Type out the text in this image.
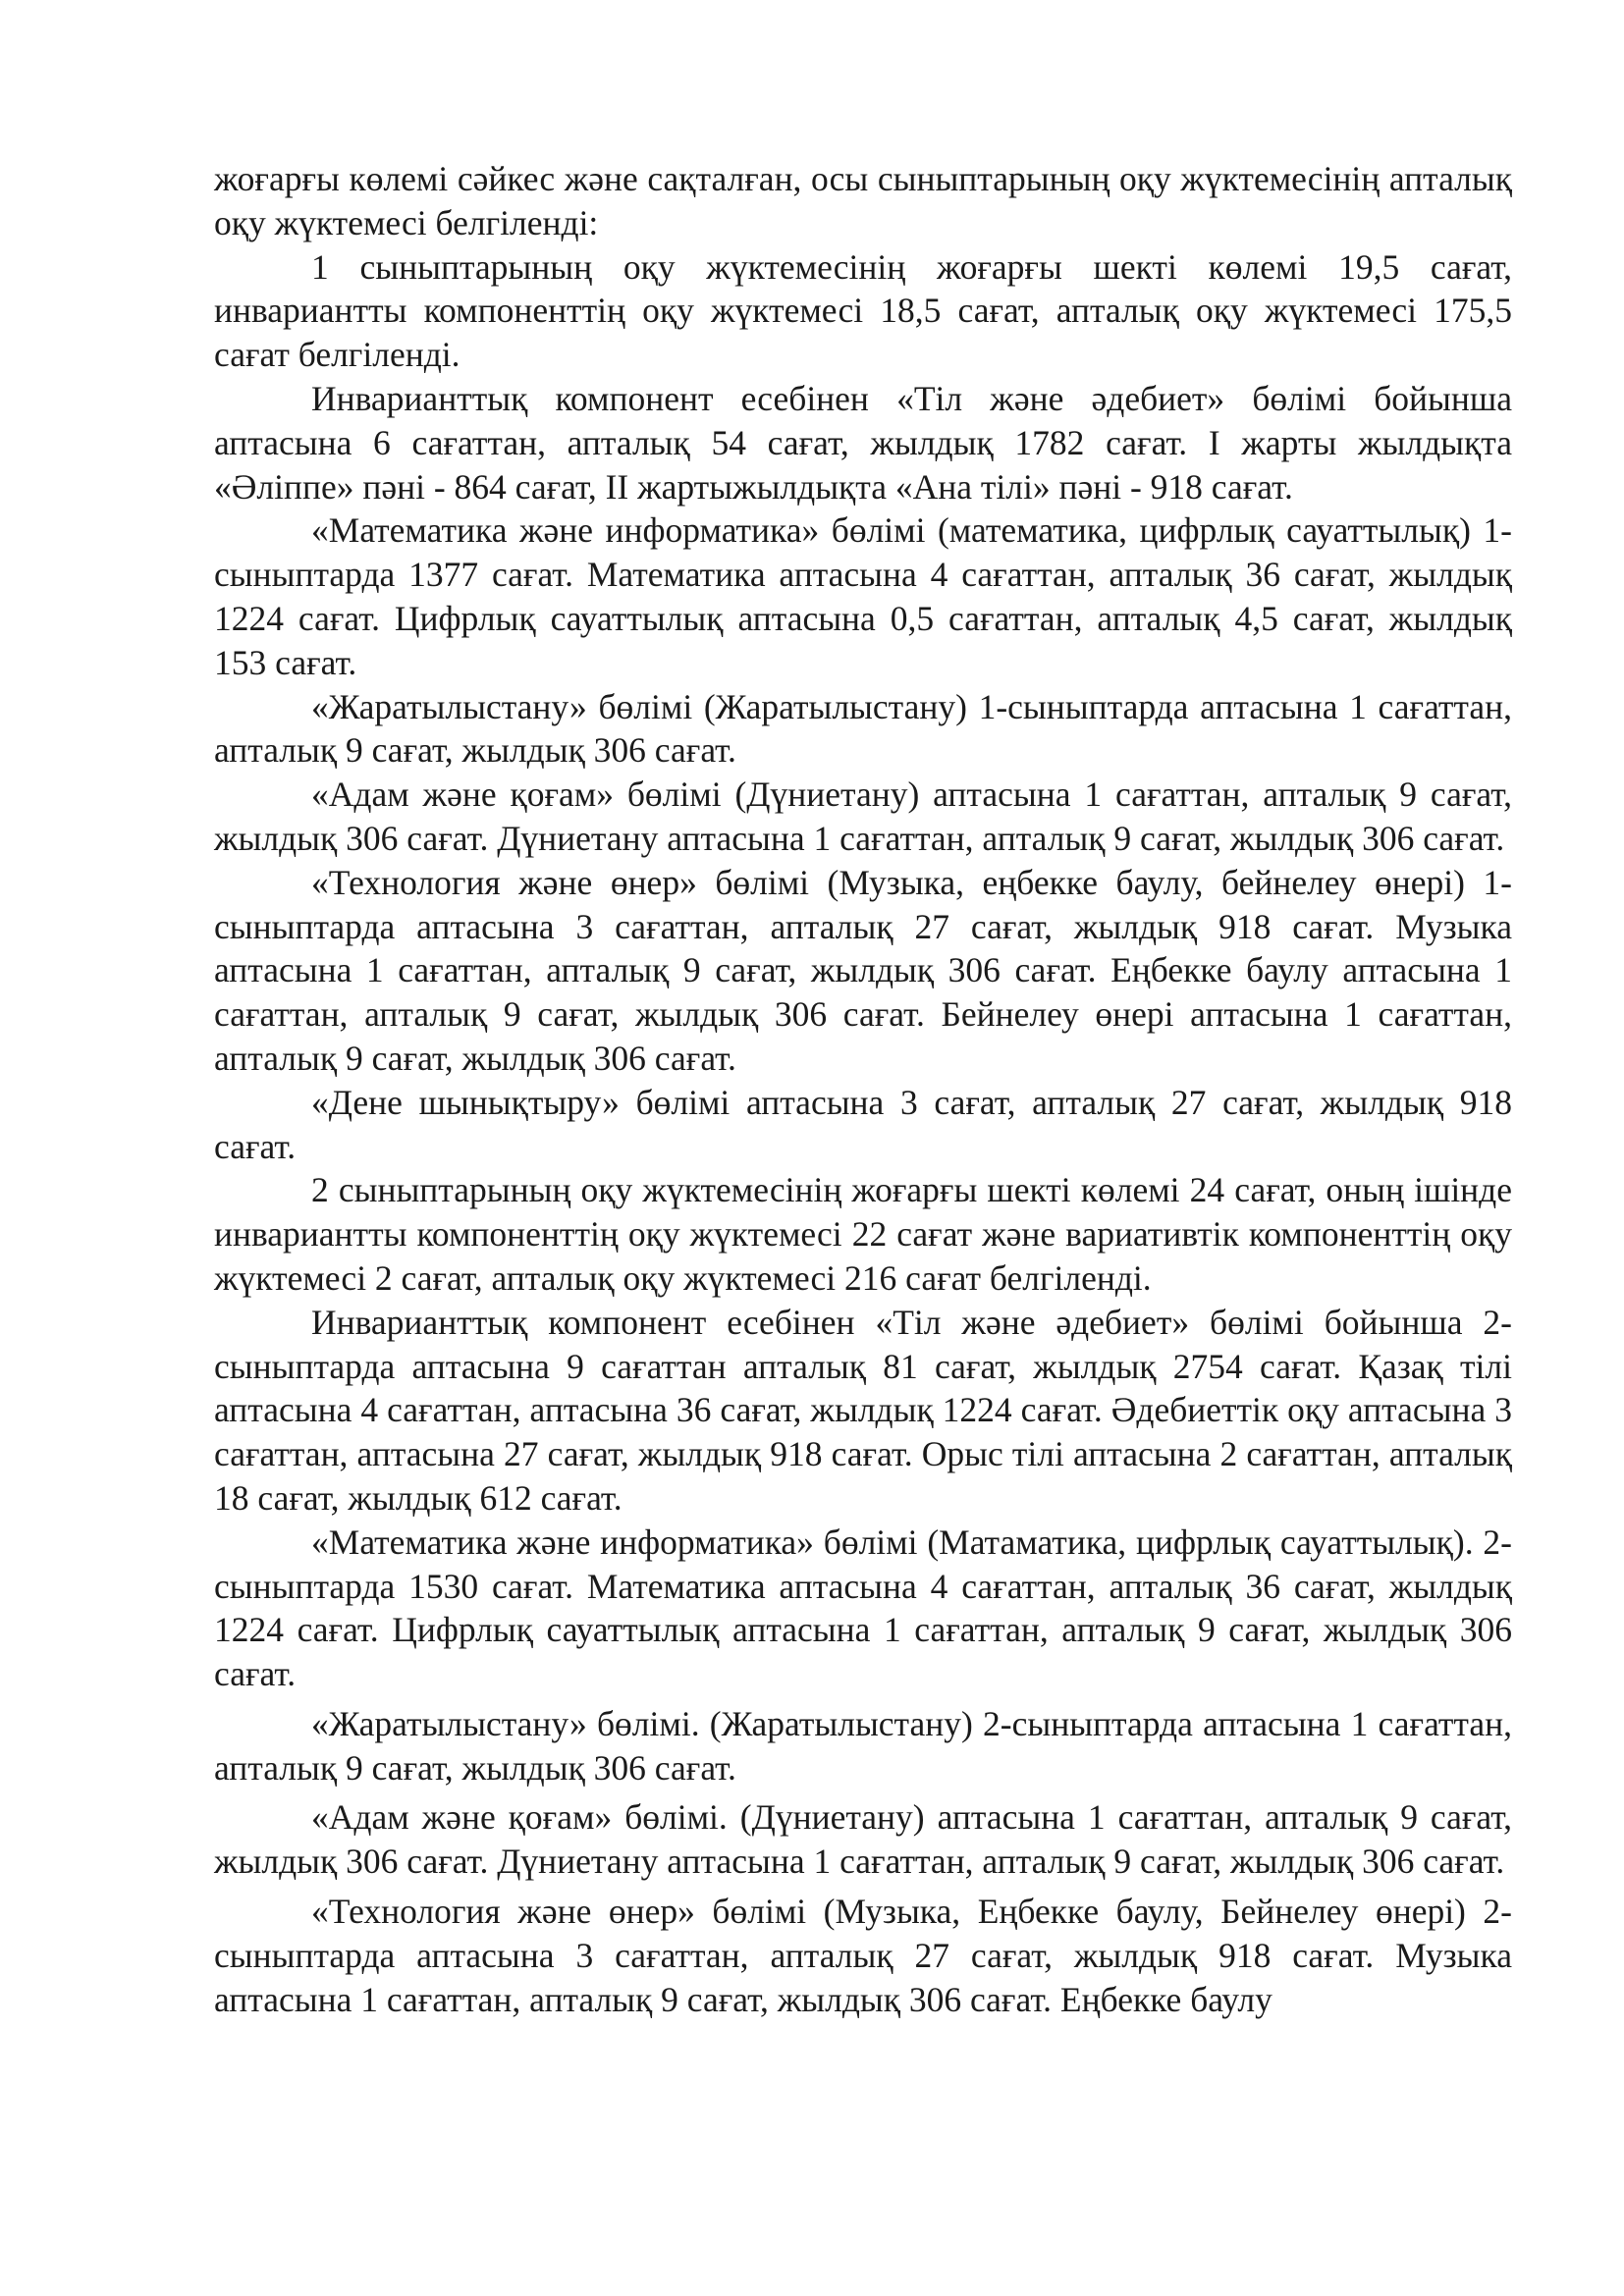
жоғарғы көлемі сәйкес және сақталған, осы сыныптарының оқу жүктемесінің апталық оқу жүктемесі белгіленді:

1 сыныптарының оқу жүктемесінің жоғарғы шекті көлемі 19,5 сағат, инвариантты компоненттің оқу жүктемесі 18,5 сағат, апталық оқу жүктемесі 175,5 сағат белгіленді.

Инварианттық компонент есебінен «Тіл және әдебиет» бөлімі бойынша аптасына 6 сағаттан, апталық 54 сағат, жылдық 1782 сағат. І жарты жылдықта «Әліппе» пәні - 864 сағат, ІІ жартыжылдықта «Ана тілі» пәні - 918 сағат.

«Математика және информатика» бөлімі (математика, цифрлық сауаттылық) 1-сыныптарда 1377 сағат. Математика аптасына 4 сағаттан, апталық 36 сағат, жылдық 1224 сағат. Цифрлық сауаттылық аптасына 0,5 сағаттан, апталық 4,5 сағат, жылдық 153 сағат.

«Жаратылыстану» бөлімі (Жаратылыстану) 1-сыныптарда аптасына 1 сағаттан, апталық 9 сағат, жылдық 306 сағат.

«Адам және қоғам» бөлімі (Дүниетану) аптасына 1 сағаттан, апталық 9 сағат, жылдық 306 сағат. Дүниетану аптасына 1 сағаттан, апталық 9 сағат, жылдық 306 сағат.

«Технология және өнер» бөлімі (Музыка, еңбекке баулу, бейнелеу өнері) 1-сыныптарда аптасына 3 сағаттан, апталық 27 сағат, жылдық 918 сағат. Музыка аптасына 1 сағаттан, апталық 9 сағат, жылдық 306 сағат. Еңбекке баулу аптасына 1 сағаттан, апталық 9 сағат, жылдық 306 сағат. Бейнелеу өнері аптасына 1 сағаттан, апталық 9 сағат, жылдық 306 сағат.

«Дене шынықтыру» бөлімі аптасына 3 сағат, апталық 27 сағат, жылдық 918 сағат.

2 сыныптарының оқу жүктемесінің жоғарғы шекті көлемі 24 сағат, оның ішінде инвариантты компоненттің оқу жүктемесі 22 сағат және вариативтік компоненттің оқу жүктемесі 2 сағат, апталық оқу жүктемесі 216 сағат белгіленді.

Инварианттық компонент есебінен «Тіл және әдебиет» бөлімі бойынша 2-сыныптарда аптасына 9 сағаттан апталық 81 сағат, жылдық 2754 сағат. Қазақ тілі аптасына 4 сағаттан, аптасына 36 сағат, жылдық 1224 сағат. Әдебиеттік оқу аптасына 3 сағаттан, аптасына 27 сағат, жылдық 918 сағат. Орыс тілі аптасына 2 сағаттан, апталық 18 сағат, жылдық 612 сағат.

«Математика және информатика» бөлімі (Матаматика, цифрлық сауаттылық). 2-сыныптарда 1530 сағат. Математика аптасына 4 сағаттан, апталық 36 сағат, жылдық 1224 сағат. Цифрлық сауаттылық аптасына 1 сағаттан, апталық 9 сағат, жылдық 306 сағат.

«Жаратылыстану» бөлімі. (Жаратылыстану) 2-сыныптарда аптасына 1 сағаттан, апталық 9 сағат, жылдық 306 сағат.

«Адам және қоғам» бөлімі. (Дүниетану) аптасына 1 сағаттан, апталық 9 сағат, жылдық 306 сағат. Дүниетану аптасына 1 сағаттан, апталық 9 сағат, жылдық 306 сағат.

«Технология және өнер» бөлімі (Музыка, Еңбекке баулу, Бейнелеу өнері) 2-сыныптарда аптасына 3 сағаттан, апталық 27 сағат, жылдық 918 сағат. Музыка аптасына 1 сағаттан, апталық 9 сағат, жылдық 306 сағат. Еңбекке баулу
